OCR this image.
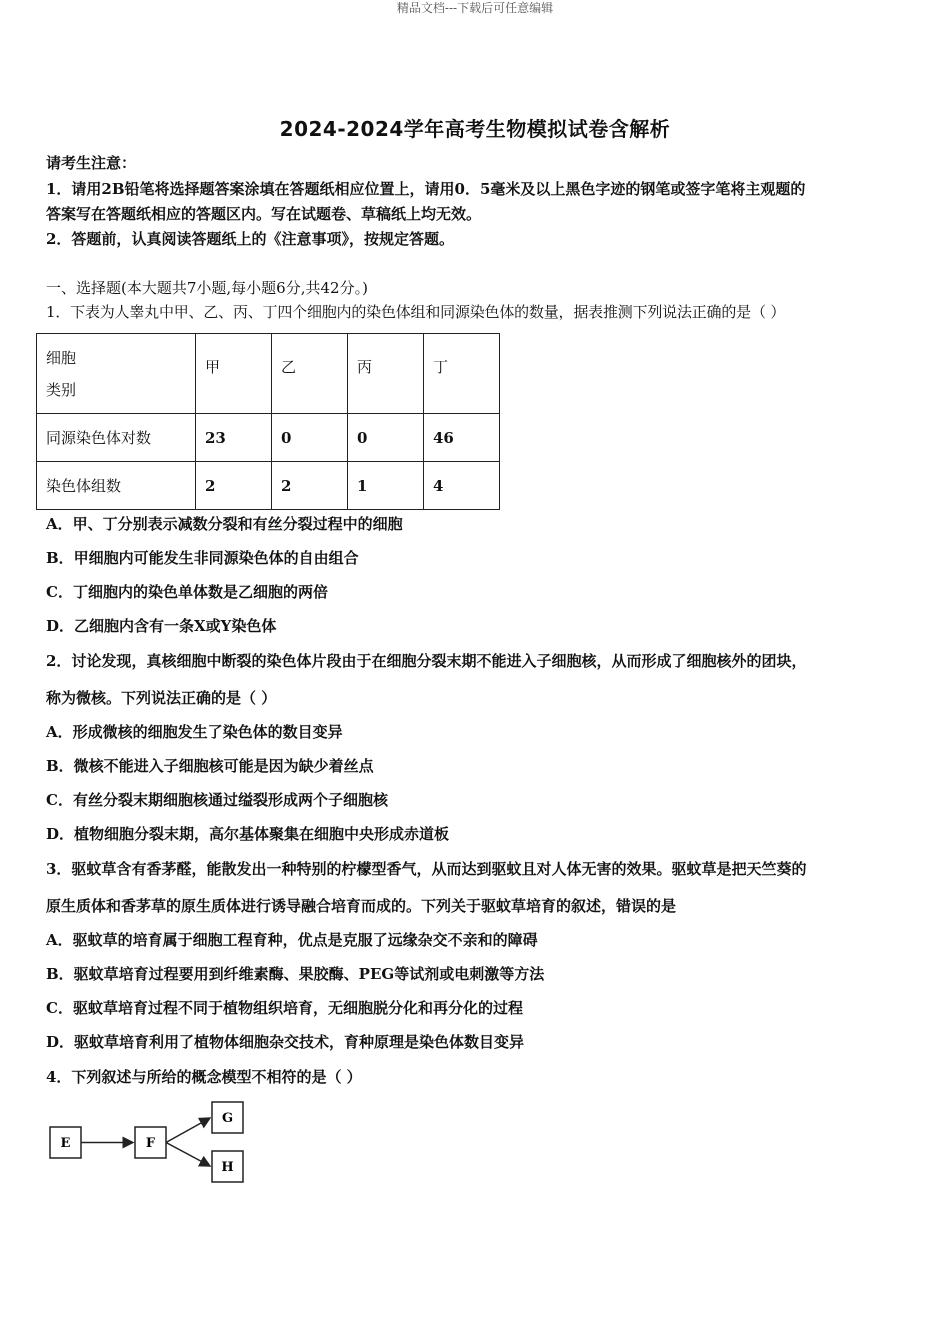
精品文档---下载后可任意编辑
2024-2024学年高考生物模拟试卷含解析
请考生注意：
1．请用2B铅笔将选择题答案涂填在答题纸相应位置上，请用0．5毫米及以上黑色字迹的钢笔或签字笔将主观题的
答案写在答题纸相应的答题区内。写在试题卷、草稿纸上均无效。
2．答题前，认真阅读答题纸上的《注意事项》，按规定答题。
一、选择题(本大题共7小题,每小题6分,共42分。)
1．下表为人睾丸中甲、乙、丙、丁四个细胞内的染色体组和同源染色体的数量，据表推测下列说法正确的是（ ）
细胞
类别	甲	乙	丙	丁
同源染色体对数	23	0	0	46
染色体组数	2	2	1	4
A．甲、丁分别表示减数分裂和有丝分裂过程中的细胞
B．甲细胞内可能发生非同源染色体的自由组合
C．丁细胞内的染色单体数是乙细胞的两倍
D．乙细胞内含有一条X或Y染色体
2．讨论发现，真核细胞中断裂的染色体片段由于在细胞分裂末期不能进入子细胞核，从而形成了细胞核外的团块，
称为微核。下列说法正确的是（ ）
A．形成微核的细胞发生了染色体的数目变异
B．微核不能进入子细胞核可能是因为缺少着丝点
C．有丝分裂末期细胞核通过缢裂形成两个子细胞核
D．植物细胞分裂末期，高尔基体聚集在细胞中央形成赤道板
3．驱蚊草含有香茅醛，能散发出一种特别的柠檬型香气，从而达到驱蚊且对人体无害的效果。驱蚊草是把天竺葵的
原生质体和香茅草的原生质体进行诱导融合培育而成的。下列关于驱蚊草培育的叙述，错误的是
A．驱蚊草的培育属于细胞工程育种，优点是克服了远缘杂交不亲和的障碍
B．驱蚊草培育过程要用到纤维素酶、果胶酶、PEG等试剂或电刺激等方法
C．驱蚊草培育过程不同于植物组织培育，无细胞脱分化和再分化的过程
D．驱蚊草培育利用了植物体细胞杂交技术，育种原理是染色体数目变异
4．下列叙述与所给的概念模型不相符的是（ ）
E	F
G
H
